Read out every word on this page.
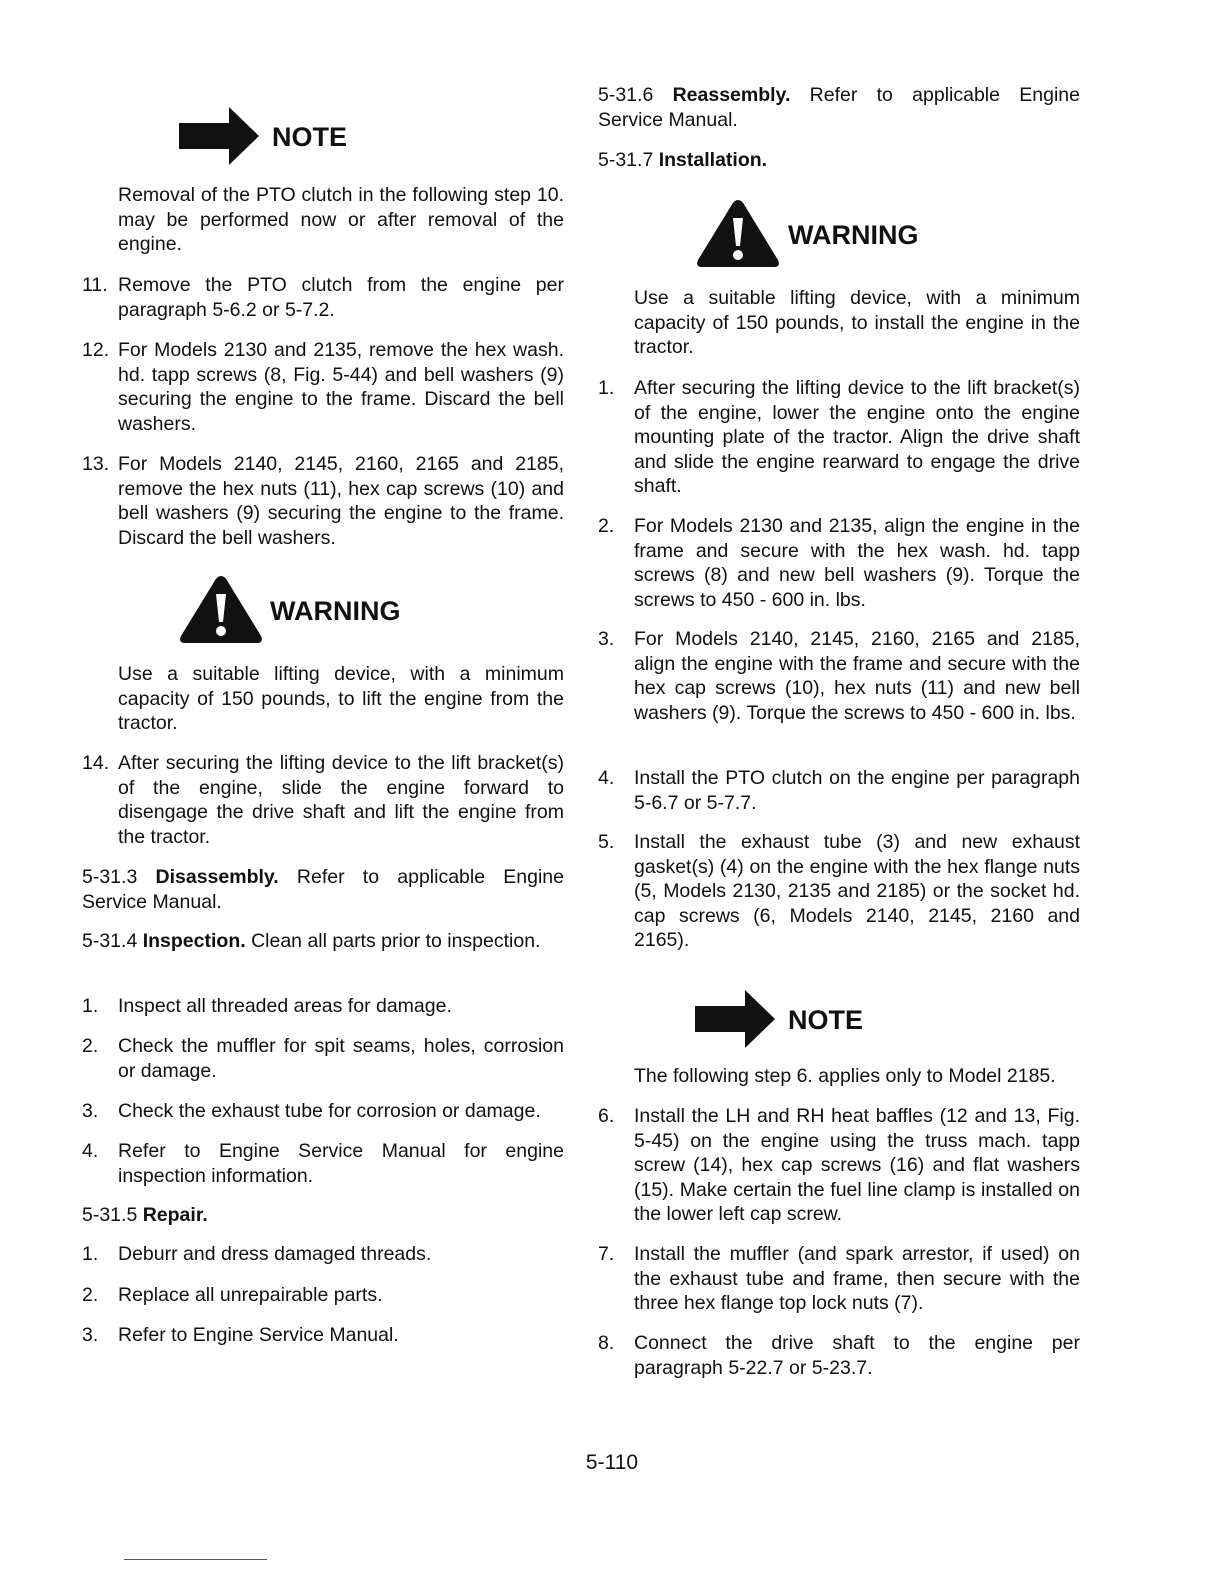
NOTE
Removal of the PTO clutch in the following step 10. may be performed now or after removal of the engine.
11. Remove the PTO clutch from the engine per paragraph 5-6.2 or 5-7.2.
12. For Models 2130 and 2135, remove the hex wash. hd. tapp screws (8, Fig. 5-44) and bell washers (9) securing the engine to the frame. Discard the bell washers.
13. For Models 2140, 2145, 2160, 2165 and 2185, remove the hex nuts (11), hex cap screws (10) and bell washers (9) securing the engine to the frame. Discard the bell washers.
WARNING
Use a suitable lifting device, with a minimum capacity of 150 pounds, to lift the engine from the tractor.
14. After securing the lifting device to the lift bracket(s) of the engine, slide the engine forward to disengage the drive shaft and lift the engine from the tractor.
5-31.3 Disassembly. Refer to applicable Engine Service Manual.
5-31.4 Inspection. Clean all parts prior to inspection.
1. Inspect all threaded areas for damage.
2. Check the muffler for spit seams, holes, corrosion or damage.
3. Check the exhaust tube for corrosion or damage.
4. Refer to Engine Service Manual for engine inspection information.
5-31.5 Repair.
1. Deburr and dress damaged threads.
2. Replace all unrepairable parts.
3. Refer to Engine Service Manual.
5-31.6 Reassembly. Refer to applicable Engine Service Manual.
5-31.7 Installation.
WARNING
Use a suitable lifting device, with a minimum capacity of 150 pounds, to install the engine in the tractor.
1. After securing the lifting device to the lift bracket(s) of the engine, lower the engine onto the engine mounting plate of the tractor. Align the drive shaft and slide the engine rearward to engage the drive shaft.
2. For Models 2130 and 2135, align the engine in the frame and secure with the hex wash. hd. tapp screws (8) and new bell washers (9). Torque the screws to 450 - 600 in. lbs.
3. For Models 2140, 2145, 2160, 2165 and 2185, align the engine with the frame and secure with the hex cap screws (10), hex nuts (11) and new bell washers (9). Torque the screws to 450 - 600 in. lbs.
4. Install the PTO clutch on the engine per paragraph 5-6.7 or 5-7.7.
5. Install the exhaust tube (3) and new exhaust gasket(s) (4) on the engine with the hex flange nuts (5, Models 2130, 2135 and 2185) or the socket hd. cap screws (6, Models 2140, 2145, 2160 and 2165).
NOTE
The following step 6. applies only to Model 2185.
6. Install the LH and RH heat baffles (12 and 13, Fig. 5-45) on the engine using the truss mach. tapp screw (14), hex cap screws (16) and flat washers (15). Make certain the fuel line clamp is installed on the lower left cap screw.
7. Install the muffler (and spark arrestor, if used) on the exhaust tube and frame, then secure with the three hex flange top lock nuts (7).
8. Connect the drive shaft to the engine per paragraph 5-22.7 or 5-23.7.
5-110
